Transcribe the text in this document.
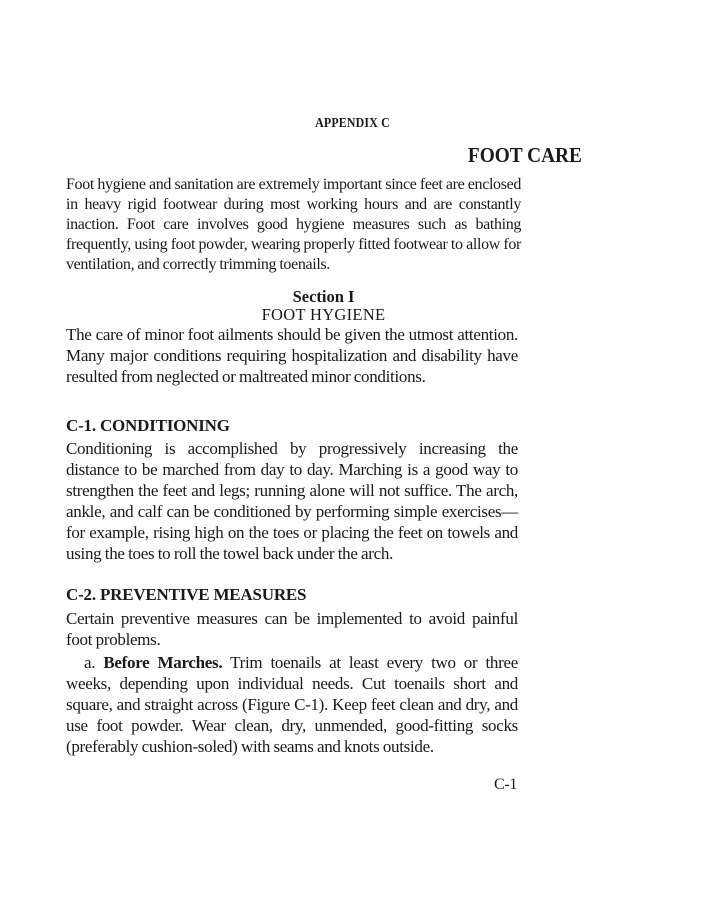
APPENDIX C
FOOT CARE
Foot hygiene and sanitation are extremely important since feet are enclosed in heavy rigid footwear during most working hours and are constantly inaction. Foot care involves good hygiene measures such as bathing frequently, using foot powder, wearing properly fitted footwear to allow for ventilation, and correctly trimming toenails.
Section I
FOOT HYGIENE
The care of minor foot ailments should be given the utmost attention. Many major conditions requiring hospitalization and disability have resulted from neglected or maltreated minor conditions.
C-1. CONDITIONING
Conditioning is accomplished by progressively increasing the distance to be marched from day to day. Marching is a good way to strengthen the feet and legs; running alone will not suffice. The arch, ankle, and calf can be conditioned by performing simple exercises—for example, rising high on the toes or placing the feet on towels and using the toes to roll the towel back under the arch.
C-2. PREVENTIVE MEASURES
Certain preventive measures can be implemented to avoid painful foot problems.
a. Before Marches. Trim toenails at least every two or three weeks, depending upon individual needs. Cut toenails short and square, and straight across (Figure C-1). Keep feet clean and dry, and use foot powder. Wear clean, dry, unmended, good-fitting socks (preferably cushion-soled) with seams and knots outside.
C-1
